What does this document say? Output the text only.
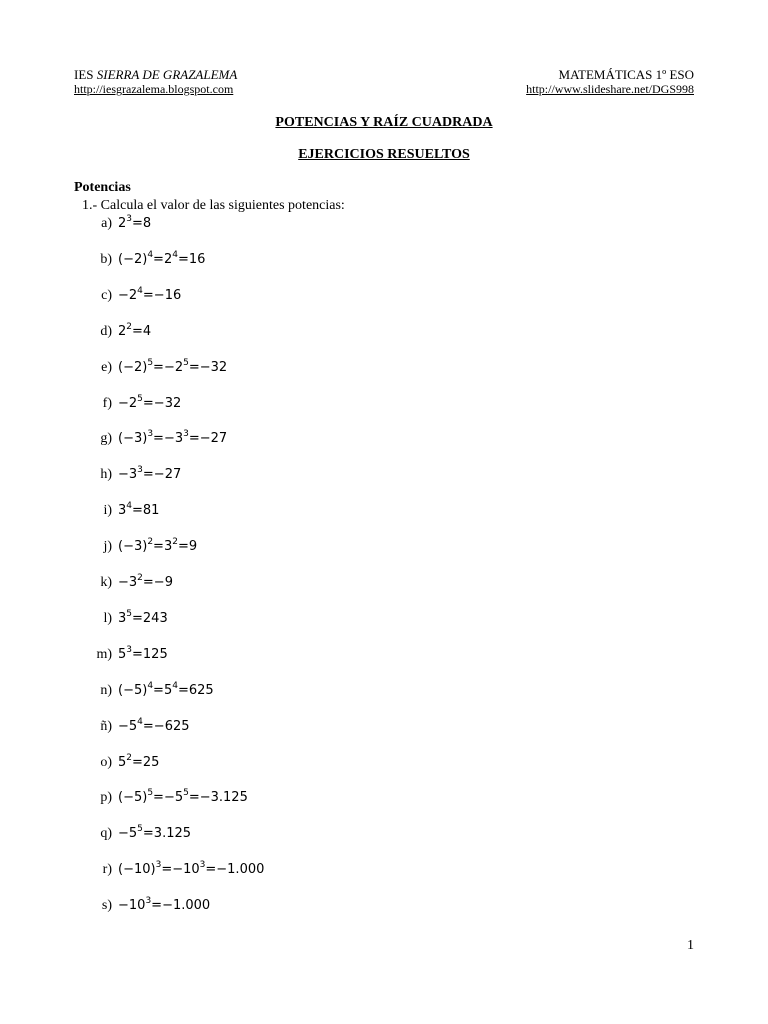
IES SIERRA DE GRAZALEMA
http://iesgrazalema.blogspot.com
MATEMÁTICAS 1º ESO
http://www.slideshare.net/DGS998
POTENCIAS Y RAÍZ CUADRADA
EJERCICIOS RESUELTOS
Potencias
1.- Calcula el valor de las siguientes potencias:
a) $2^3=8$
b) $(-2)^4=2^4=16$
$c) -2^4=-16$
d) $2^2=4$
e) $(-2)^5=-2^5=-32$
$f) -2^5=-32$
g) $(-3)^3=-3^3=-27$
$h) -3^3=-27$
i) $3^4=81$
j) $(-3)^2=3^2=9$
$k) -3^2=-9$
l) $3^5=243$
m) $5^3=125$
n) $(-5)^4=5^4=625$
ñ) $-5^4=-625$
o) $5^2=25$
p) $(-5)^5=-5^5=-3.125$
$q) -5^5=3.125$
r) $(-10)^3=-10^3=-1.000$
$s) -10^3=-1.000$
1
